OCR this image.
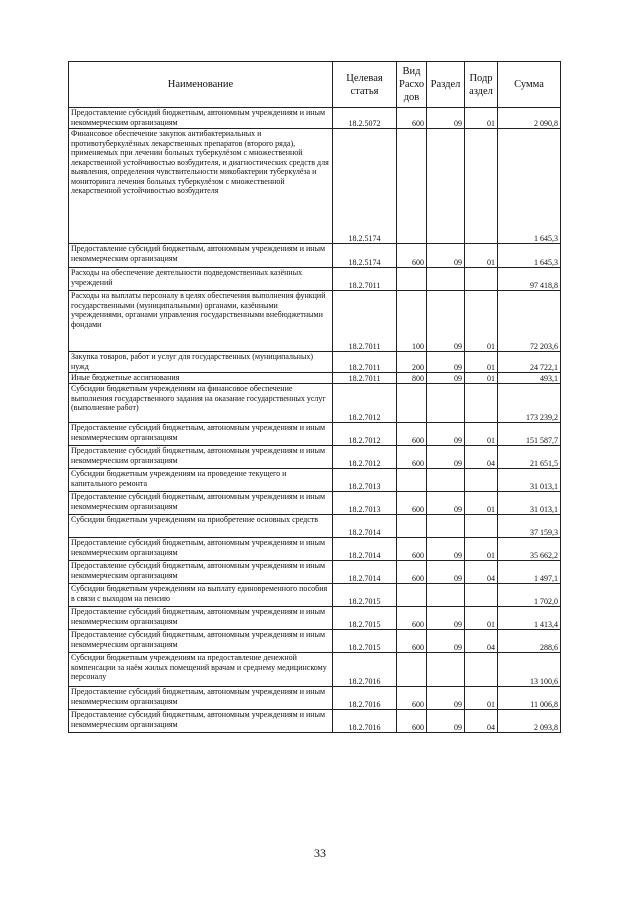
Наименование	Целевая статья	Вид Расхо дов	Раздел	Подр аздел	Сумма
Предоставление субсидий бюджетным, автономным учреждениям и иным некоммерческим организациям	18.2.5072	600	09	01	2 090,8
Финансовое обеспечение закупок антибактериальных и противотуберкулёзных лекарственных препаратов (второго ряда), применяемых при лечении больных туберкулёзом с множественной лекарственной устойчивостью возбудителя, и диагностических средств для выявления, определения чувствительности микобактерии туберкулёза и мониторинга лечения больных туберкулёзом с множественной лекарственной устойчивостью возбудителя	18.2.5174				1 645,3
Предоставление субсидий бюджетным, автономным учреждениям и иным некоммерческим организациям	18.2.5174	600	09	01	1 645,3
Расходы на обеспечение деятельности подведомственных казённых учреждений	18.2.7011				97 418,8
Расходы на выплаты персоналу в целях обеспечения выполнения функций государственными (муниципальными) органами, казёнными учреждениями, органами управления государственными внебюджетными фондами	18.2.7011	100	09	01	72 203,6
Закупка товаров, работ и услуг для государственных (муниципальных) нужд	18.2.7011	200	09	01	24 722,1
Иные бюджетные ассигнования	18.2.7011	800	09	01	493,1
Субсидии бюджетным учреждениям на финансовое обеспечение выполнения государственного задания на оказание государственных услуг (выполнение работ)	18.2.7012				173 239,2
Предоставление субсидий бюджетным, автономным учреждениям и иным некоммерческим организациям	18.2.7012	600	09	01	151 587,7
Предоставление субсидий бюджетным, автономным учреждениям и иным некоммерческим организациям	18.2.7012	600	09	04	21 651,5
Субсидии бюджетным учреждениям на проведение текущего и капитального ремонта	18.2.7013				31 013,1
Предоставление субсидий бюджетным, автономным учреждениям и иным некоммерческим организациям	18.2.7013	600	09	01	31 013,1
Субсидии бюджетным учреждениям на приобретение основных средств	18.2.7014				37 159,3
Предоставление субсидий бюджетным, автономным учреждениям и иным некоммерческим организациям	18.2.7014	600	09	01	35 662,2
Предоставление субсидий бюджетным, автономным учреждениям и иным некоммерческим организациям	18.2.7014	600	09	04	1 497,1
Субсидии бюджетным учреждениям на выплату единовременного пособия в связи с выходом на пенсию	18.2.7015				1 702,0
Предоставление субсидий бюджетным, автономным учреждениям и иным некоммерческим организациям	18.2.7015	600	09	01	1 413,4
Предоставление субсидий бюджетным, автономным учреждениям и иным некоммерческим организациям	18.2.7015	600	09	04	288,6
Субсидии бюджетным учреждениям на предоставление денежной компенсации за наём жилых помещений врачам и среднему медицинскому персоналу	18.2.7016				13 100,6
Предоставление субсидий бюджетным, автономным учреждениям и иным некоммерческим организациям	18.2.7016	600	09	01	11 006,8
Предоставление субсидий бюджетным, автономным учреждениям и иным некоммерческим организациям	18.2.7016	600	09	04	2 093,8
33
